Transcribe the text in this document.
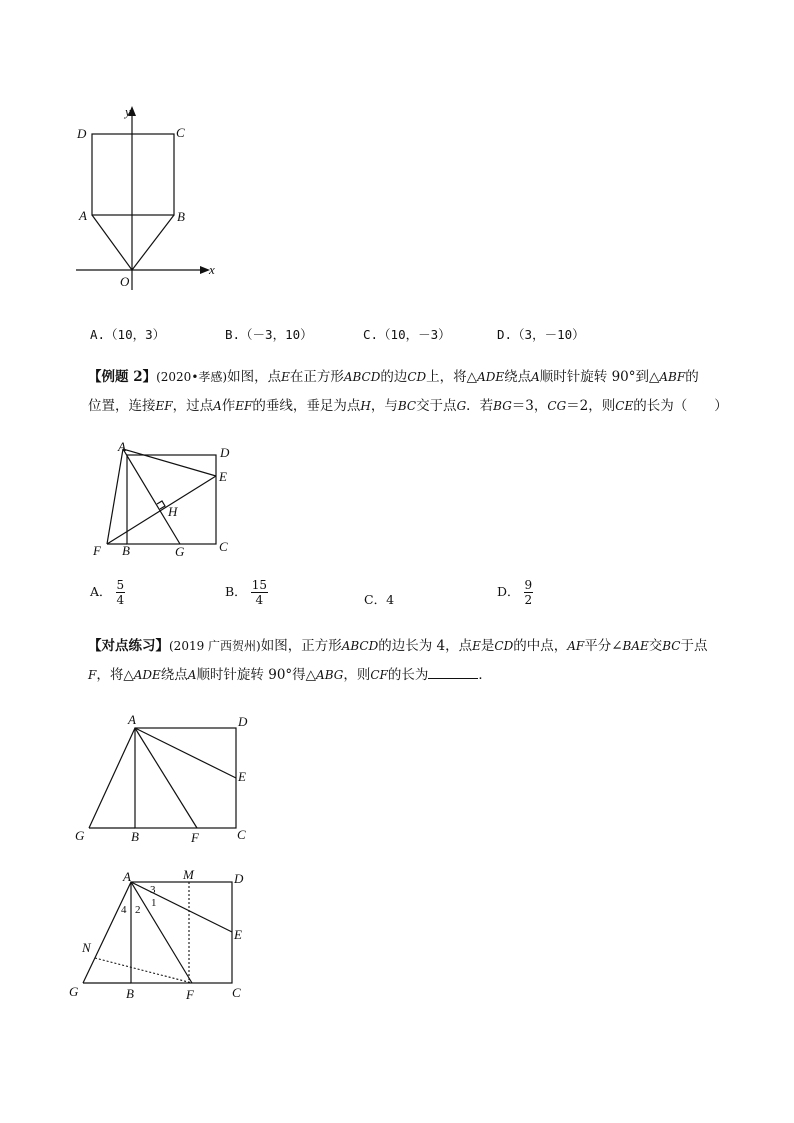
y
x
D	C
A	B
O
A.（10，3）	B.（－3，10）	C.（10，－3）	D.（3，－10）
【例题 2】(2020•孝感)如图，点E在正方形ABCD的边CD上，将△ADE绕点A顺时针旋转 90°到△ABF的
位置，连接EF，过点A作EF的垂线，垂足为点H，与BC交于点G．若BG＝3，CG＝2，则CE的长为（　　）
A	D
E
H
F B	G	C
A． $\frac{5}{4}$	B． $\frac{15}{4}$	C．4
D． $\frac{9}{2}$
【对点练习】(2019 广西贺州)如图，正方形ABCD的边长为 4，点E是CD的中点，AF平分∠BAE交BC于点
F，将△ADE绕点A顺时针旋转 90°得△ABG，则CF的长为	．
A	D
E
G	B	F	C
A	M	D
3
1
4 2
E
N
G	B	F	C
